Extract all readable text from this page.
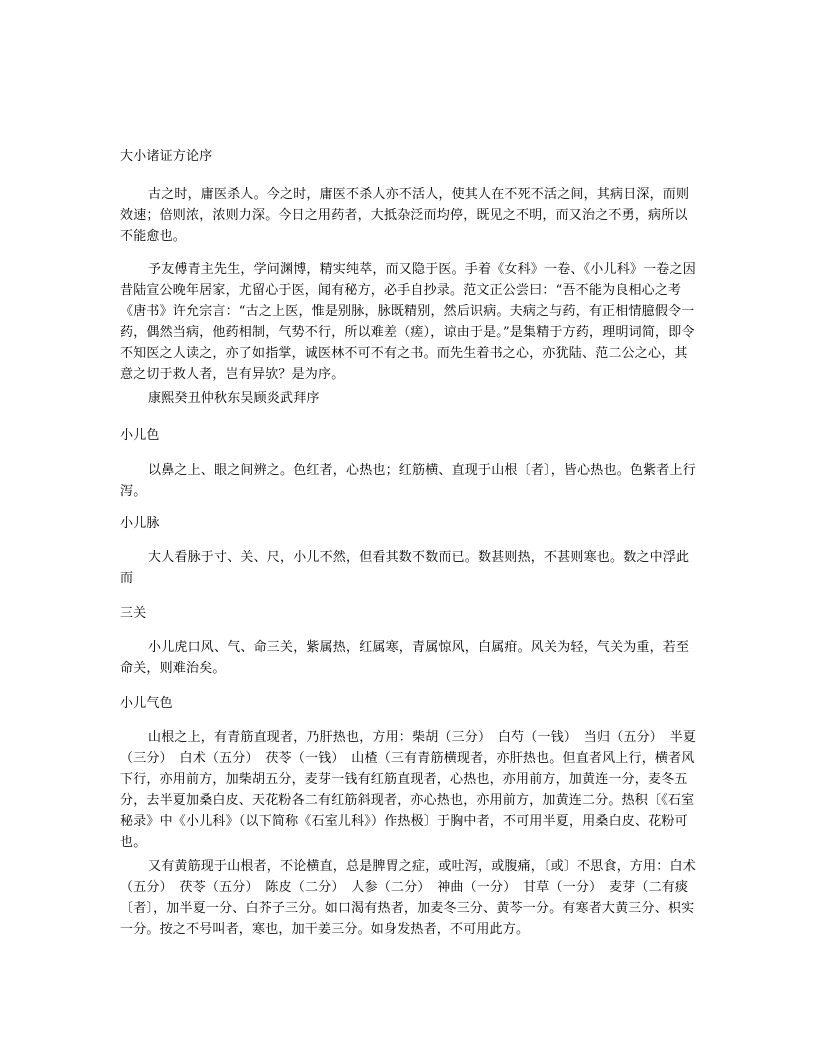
大小诸证方论序

古之时，庸医杀人。今之时，庸医不杀人亦不活人，使其人在不死不活之间，其病日深，而则效速；倍则浓，浓则力深。今日之用药者，大抵杂泛而均停，既见之不明，而又治之不勇，病所以不能愈也。

予友傅青主先生，学问渊博，精实纯萃，而又隐于医。手着《女科》一卷、《小儿科》一卷之因昔陆宣公晚年居家，尤留心于医，闻有秘方，必手自抄录。范文正公尝曰：“吾不能为良相心之考《唐书》许允宗言：“古之上医，惟是别脉，脉既精别，然后识病。夫病之与药，有正相情臆假令一药，偶然当病，他药相制，气势不行，所以难差（瘥），谅由于是。”是集精于方药，理明词简，即令不知医之人读之，亦了如指掌，诚医林不可不有之书。而先生着书之心，亦犹陆、范二公之心，其意之切于救人者，岂有异欤？是为序。

康熙癸丑仲秋东吴顾炎武拜序

小儿色

以鼻之上、眼之间辨之。色红者，心热也；红筋横、直现于山根〔者〕，皆心热也。色紫者上行泻。

小儿脉

大人看脉于寸、关、尺，小儿不然，但看其数不数而已。数甚则热，不甚则寒也。数之中浮此而

三关

小儿虎口风、气、命三关，紫属热，红属寒，青属惊风，白属疳。风关为轻，气关为重，若至命关，则难治矣。

小儿气色

山根之上，有青筋直现者，乃肝热也，方用：柴胡（三分）　白芍（一钱）　当归（五分）　半夏（三分）　白术（五分）　茯苓（一钱）　山楂（三有青筋横现者，亦肝热也。但直者风上行，横者风下行，亦用前方，加柴胡五分，麦芽一钱有红筋直现者，心热也，亦用前方，加黄连一分，麦冬五分，去半夏加桑白皮、天花粉各二有红筋斜现者，亦心热也，亦用前方，加黄连二分。热积〔《石室秘录》中《小儿科》（以下简称《石室儿科》）作热极〕于胸中者，不可用半夏，用桑白皮、花粉可也。

又有黄筋现于山根者，不论横直，总是脾胃之症，或吐泻，或腹痛，〔或〕不思食，方用：白术（五分）　茯苓（五分）　陈皮（二分）　人参（二分）　神曲（一分）　甘草（一分）　麦芽（二有痰〔者〕，加半夏一分、白芥子三分。如口渴有热者，加麦冬三分、黄芩一分。有寒者大黄三分、枳实一分。按之不号叫者，寒也，加干姜三分。如身发热者，不可用此方。
